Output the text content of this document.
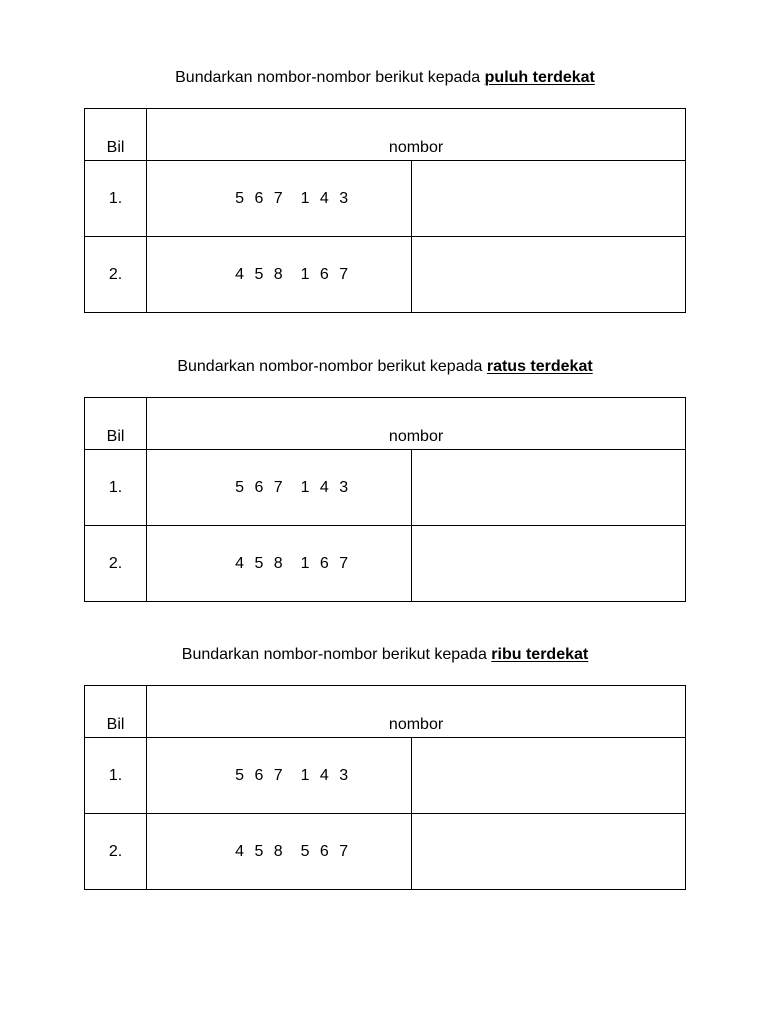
Bundarkan nombor-nombor berikut kepada puluh terdekat
Bil	nombor	
1.	5 6 7  1 4 3	
2.	4 5 8  1 6 7	
Bundarkan nombor-nombor berikut kepada ratus terdekat
Bil	nombor	
1.	5 6 7  1 4 3	
2.	4 5 8  1 6 7	
Bundarkan nombor-nombor berikut kepada ribu terdekat
Bil	nombor	
1.	5 6 7  1 4 3	
2.	4 5 8  5 6 7	
